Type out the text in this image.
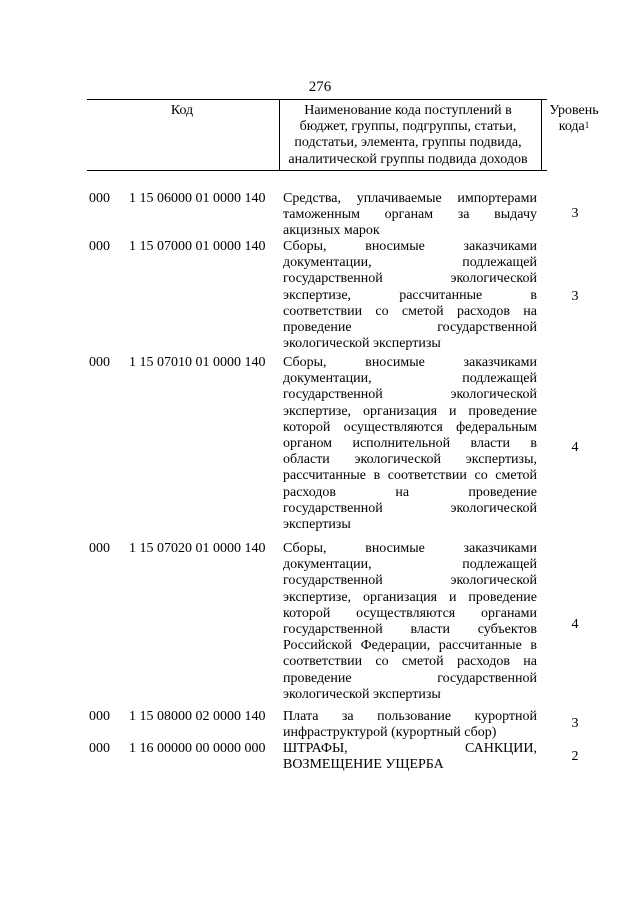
276
Код	Наименование кода поступлений в
бюджет, группы, подгруппы, статьи,
подстатьи, элемента, группы подвида,
аналитической группы подвида доходов
Уровень
кода$^1$
000 1 15 06000 01 0000 140 Средства, уплачиваемые импортерами
таможенным органам за выдачу
акцизных марок
3
000 1 15 07000 01 0000 140 Сборы, вносимые заказчиками
документации, подлежащей
государственной экологической
экспертизе, рассчитанные в
соответствии со сметой расходов на
проведение государственной
экологической экспертизы
3
000 1 15 07010 01 0000 140 Сборы, вносимые заказчиками
документации, подлежащей
государственной экологической
экспертизе, организация и проведение
которой осуществляются федеральным
органом исполнительной власти в
области экологической экспертизы,
рассчитанные в соответствии со сметой
расходов на проведение
государственной экологической
экспертизы
4
000 1 15 07020 01 0000 140 Сборы, вносимые заказчиками
документации, подлежащей
государственной экологической
экспертизе, организация и проведение
которой осуществляются органами
государственной власти субъектов
Российской Федерации, рассчитанные в
соответствии со сметой расходов на
проведение государственной
экологической экспертизы
4
000 1 15 08000 02 0000 140 Плата за пользование курортной
инфраструктурой (курортный сбор)
3
000 1 16 00000 00 0000 000 ШТРАФЫ, САНКЦИИ,
ВОЗМЕЩЕНИЕ УЩЕРБА
2
